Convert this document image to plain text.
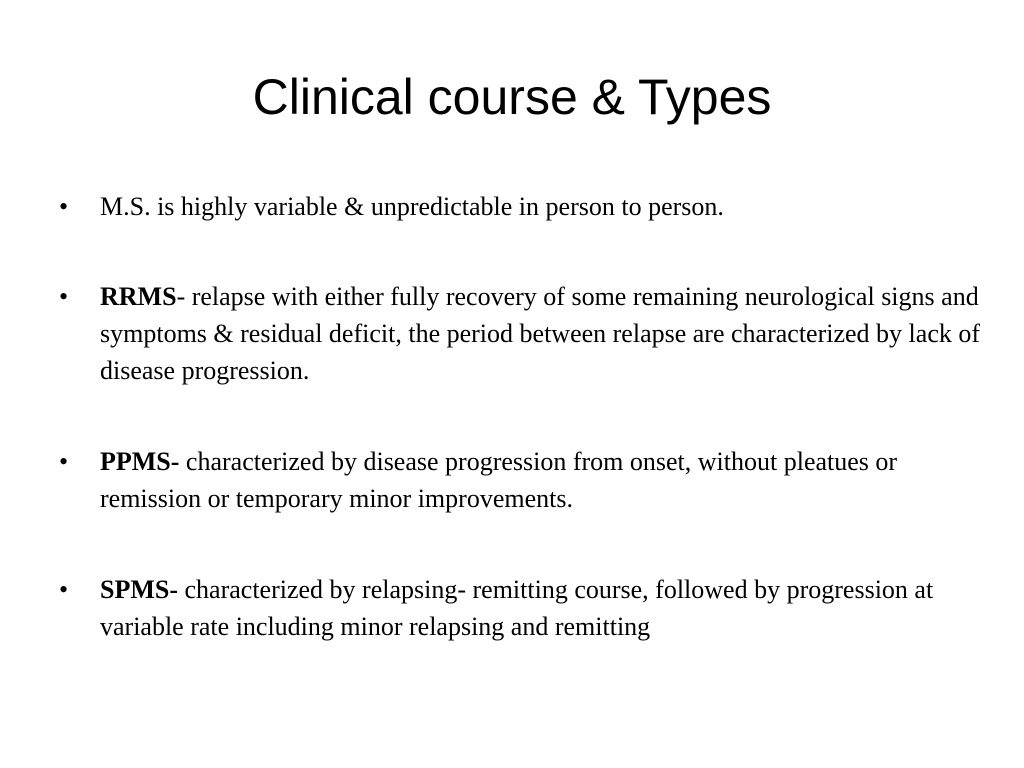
Clinical course & Types
•	M.S. is highly variable & unpredictable in person to person.
•	RRMS- relapse with either fully recovery of some remaining neurological signs and symptoms & residual deficit, the period between relapse are characterized by lack of disease progression.
•	PPMS- characterized by disease progression from onset, without pleatues or remission or temporary minor improvements.
•	SPMS- characterized by relapsing- remitting course, followed by progression at variable rate including minor relapsing and remitting
